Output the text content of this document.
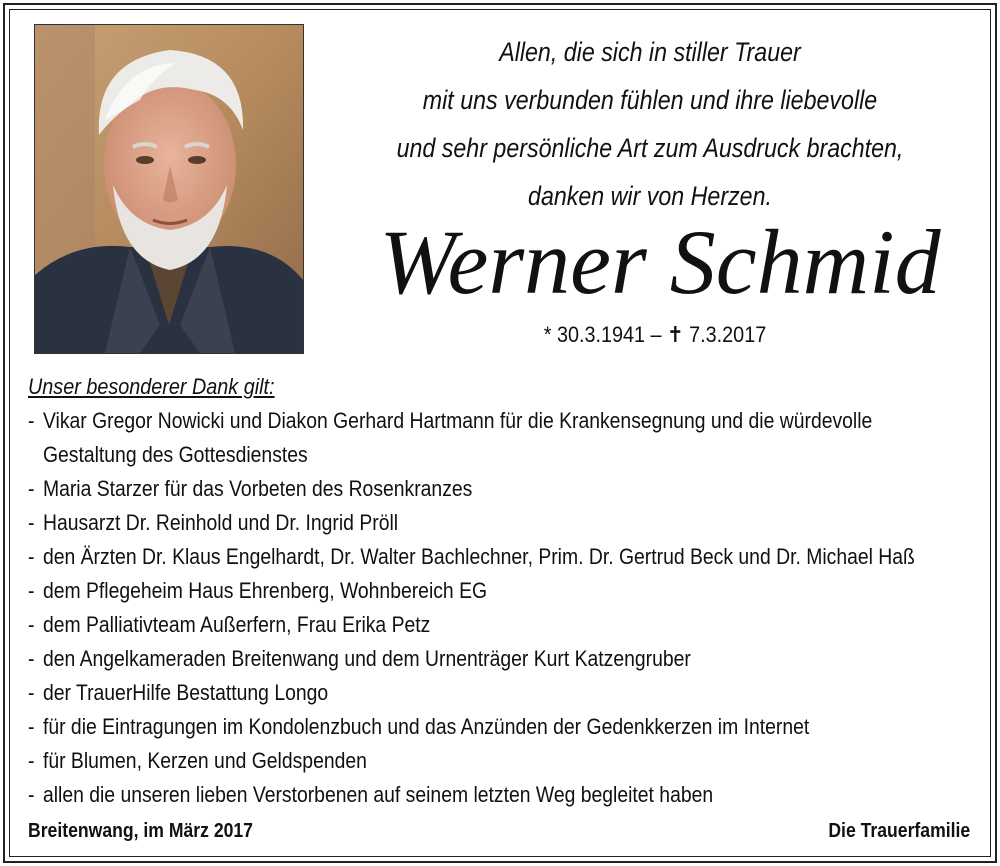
Allen, die sich in stiller Trauer
mit uns verbunden fühlen und ihre liebevolle
und sehr persönliche Art zum Ausdruck brachten,
danken wir von Herzen.
Werner Schmid
* 30.3.1941 – ✝ 7.3.2017
Unser besonderer Dank gilt:
- Vikar Gregor Nowicki und Diakon Gerhard Hartmann für die Krankensegnung und die würdevolle
Gestaltung des Gottesdienstes
- Maria Starzer für das Vorbeten des Rosenkranzes
- Hausarzt Dr. Reinhold und Dr. Ingrid Pröll
- den Ärzten Dr. Klaus Engelhardt, Dr. Walter Bachlechner, Prim. Dr. Gertrud Beck und Dr. Michael Haß
- dem Pflegeheim Haus Ehrenberg, Wohnbereich EG
- dem Palliativteam Außerfern, Frau Erika Petz
- den Angelkameraden Breitenwang und dem Urnenträger Kurt Katzengruber
- der TrauerHilfe Bestattung Longo
- für die Eintragungen im Kondolenzbuch und das Anzünden der Gedenkkerzen im Internet
- für Blumen, Kerzen und Geldspenden
- allen die unseren lieben Verstorbenen auf seinem letzten Weg begleitet haben
Breitenwang, im März 2017	Die Trauerfamilie
